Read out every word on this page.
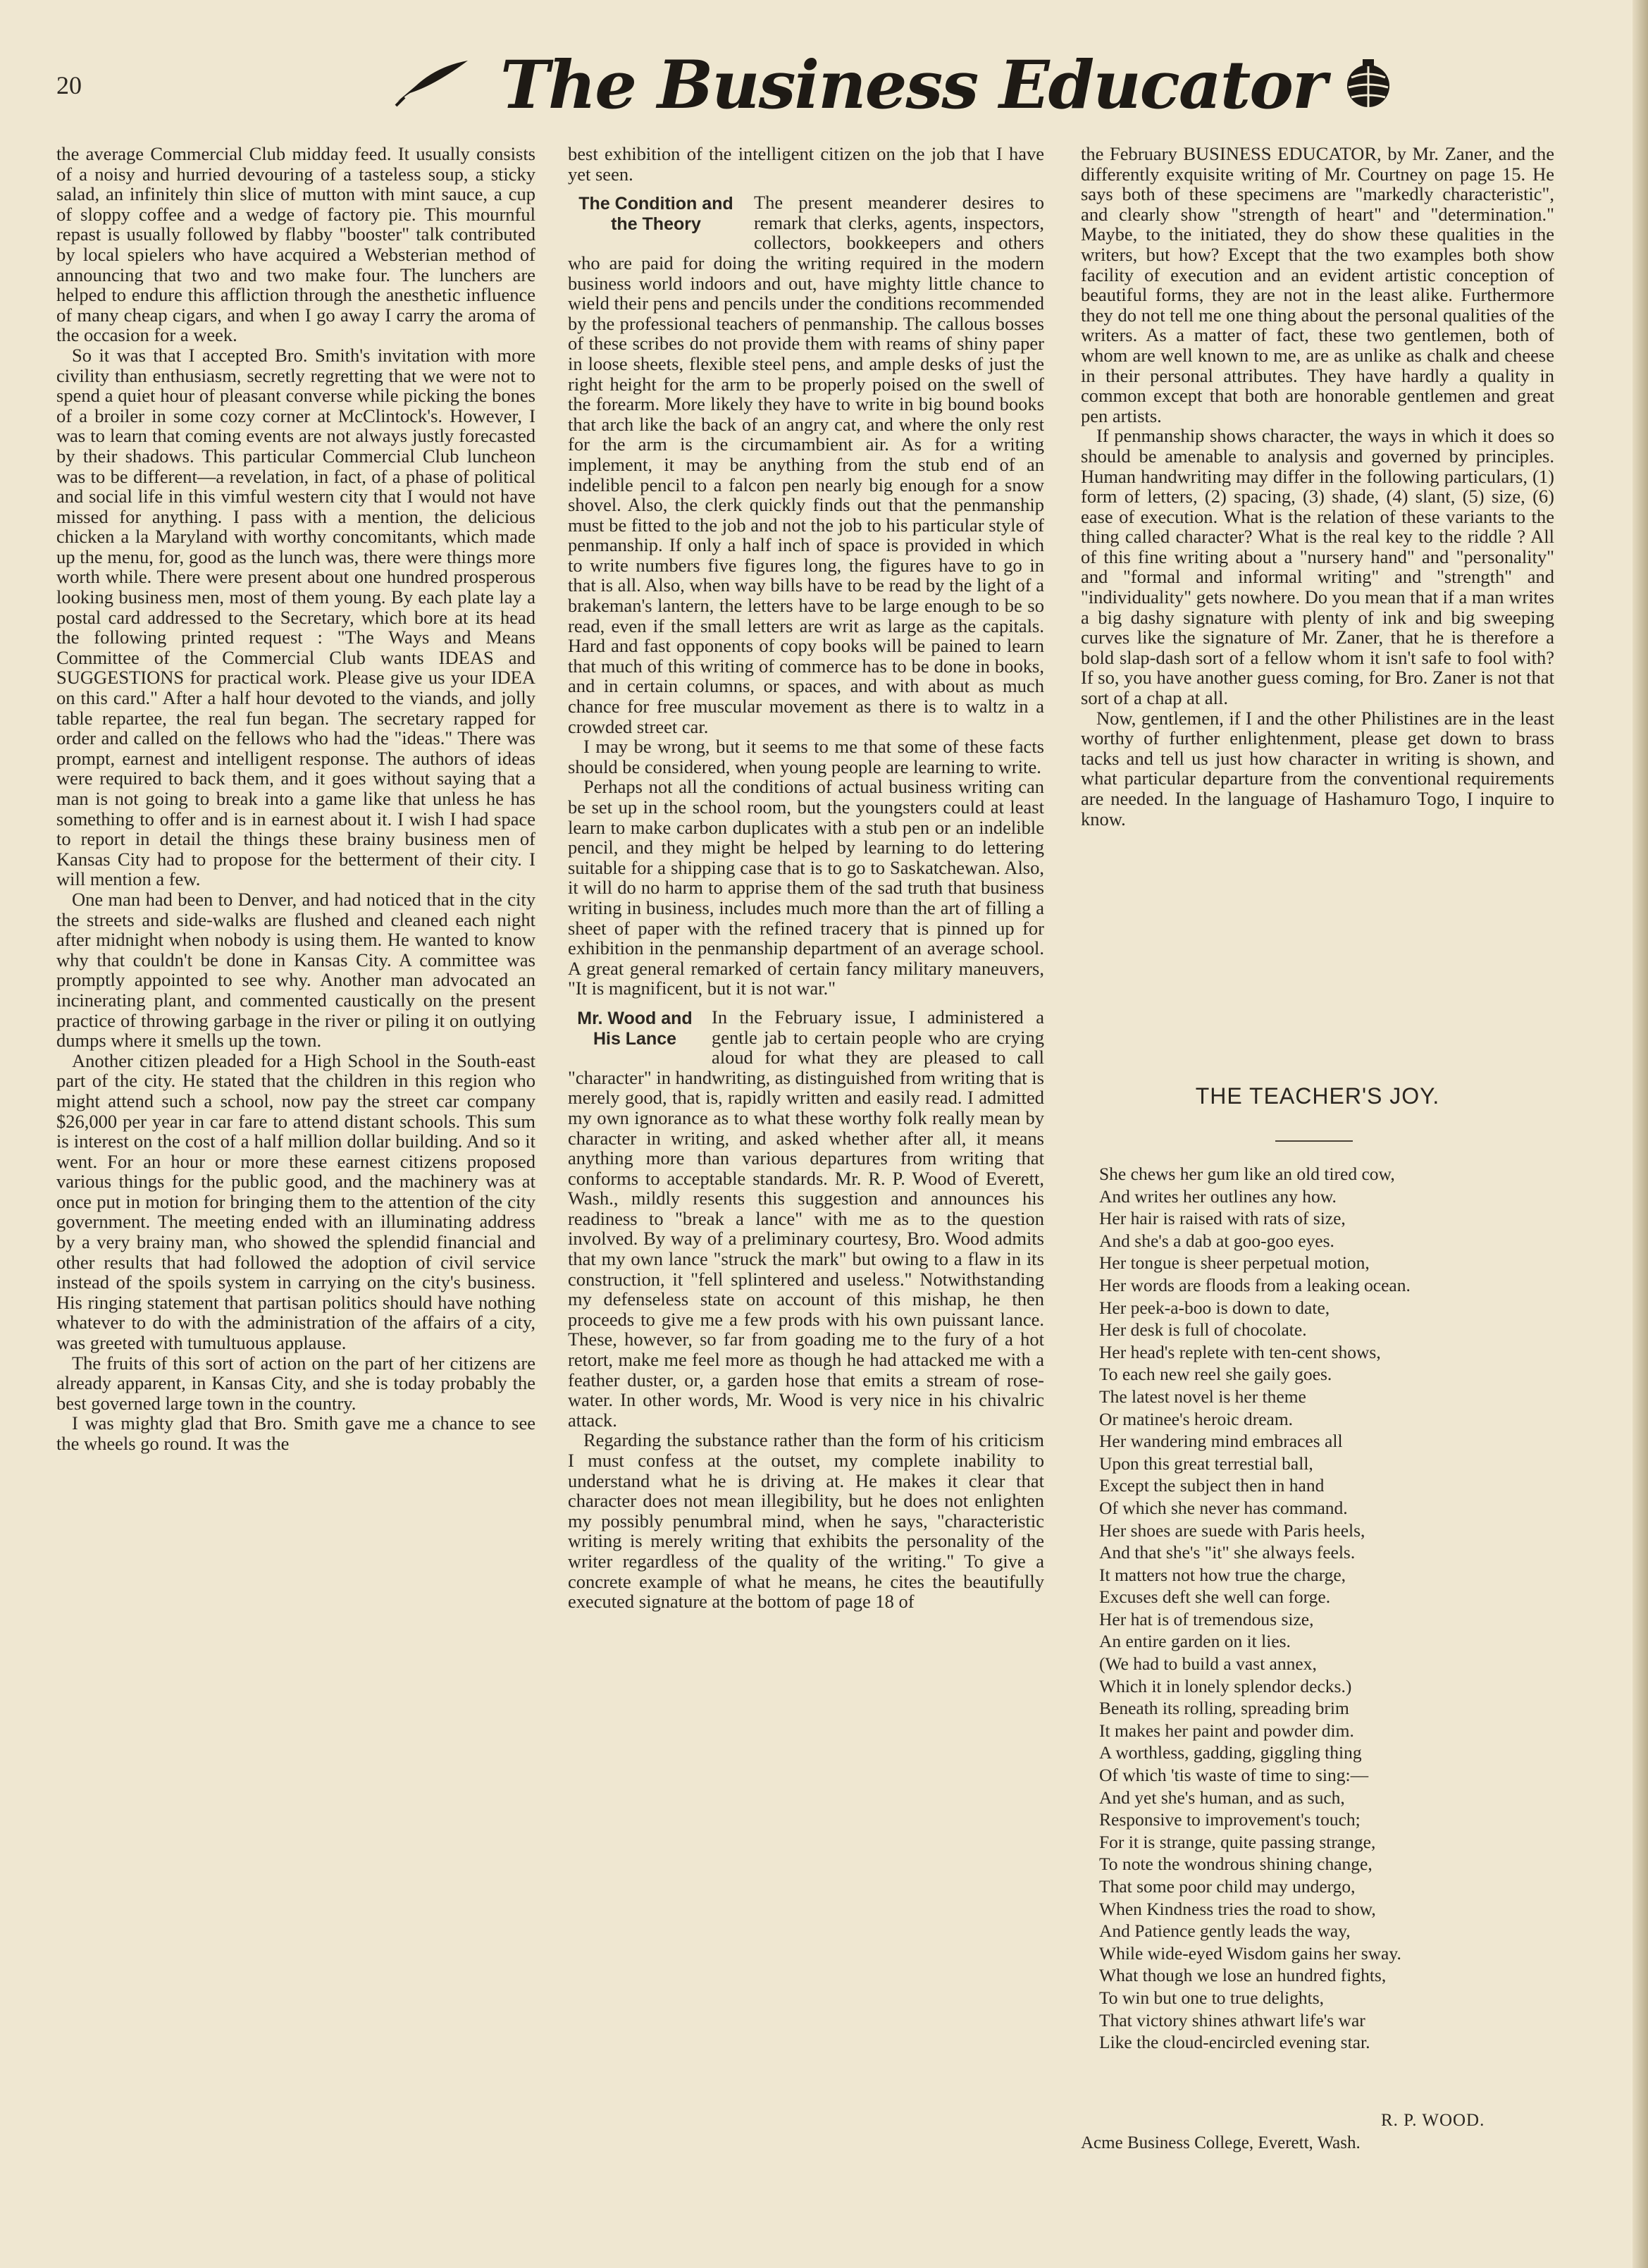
20	The Business Educator

the average Commercial Club midday feed. It usually consists of a noisy and hurried devouring of a tasteless soup, a sticky salad, an infinitely thin slice of mutton with mint sauce, a cup of sloppy coffee and a wedge of factory pie. This mournful repast is usually followed by flabby "booster" talk contributed by local spielers who have acquired a Websterian method of announcing that two and two make four. The lunchers are helped to endure this affliction through the anesthetic influence of many cheap cigars, and when I go away I carry the aroma of the occasion for a week.

So it was that I accepted Bro. Smith's invitation with more civility than enthusiasm, secretly regretting that we were not to spend a quiet hour of pleasant converse while picking the bones of a broiler in some cozy corner at McClintock's. However, I was to learn that coming events are not always justly forecasted by their shadows. This particular Commercial Club luncheon was to be different—a revelation, in fact, of a phase of political and social life in this vimful western city that I would not have missed for anything. I pass with a mention, the delicious chicken a la Maryland with worthy concomitants, which made up the menu, for, good as the lunch was, there were things more worth while. There were present about one hundred prosperous looking business men, most of them young. By each plate lay a postal card addressed to the Secretary, which bore at its head the following printed request : "The Ways and Means Committee of the Commercial Club wants IDEAS and SUGGESTIONS for practical work. Please give us your IDEA on this card." After a half hour devoted to the viands, and jolly table repartee, the real fun began. The secretary rapped for order and called on the fellows who had the "ideas." There was prompt, earnest and intelligent response. The authors of ideas were required to back them, and it goes without saying that a man is not going to break into a game like that unless he has something to offer and is in earnest about it. I wish I had space to report in detail the things these brainy business men of Kansas City had to propose for the betterment of their city. I will mention a few.

One man had been to Denver, and had noticed that in the city the streets and side-walks are flushed and cleaned each night after midnight when nobody is using them. He wanted to know why that couldn't be done in Kansas City. A committee was promptly appointed to see why. Another man advocated an incinerating plant, and commented caustically on the present practice of throwing garbage in the river or piling it on outlying dumps where it smells up the town.

Another citizen pleaded for a High School in the South-east part of the city. He stated that the children in this region who might attend such a school, now pay the street car company $26,000 per year in car fare to attend distant schools. This sum is interest on the cost of a half million dollar building. And so it went. For an hour or more these earnest citizens proposed various things for the public good, and the machinery was at once put in motion for bringing them to the attention of the city government. The meeting ended with an illuminating address by a very brainy man, who showed the splendid financial and other results that had followed the adoption of civil service instead of the spoils system in carrying on the city's business. His ringing statement that partisan politics should have nothing whatever to do with the administration of the affairs of a city, was greeted with tumultuous applause.

The fruits of this sort of action on the part of her citizens are already apparent, in Kansas City, and she is today probably the best governed large town in the country.

I was mighty glad that Bro. Smith gave me a chance to see the wheels go round. It was the

best exhibition of the intelligent citizen on the job that I have yet seen.

The Condition and the Theory

The present meanderer desires to remark that clerks, agents, inspectors, collectors, bookkeepers and others who are paid for doing the writing required in the modern business world indoors and out, have mighty little chance to wield their pens and pencils under the conditions recommended by the professional teachers of penmanship. The callous bosses of these scribes do not provide them with reams of shiny paper in loose sheets, flexible steel pens, and ample desks of just the right height for the arm to be properly poised on the swell of the forearm. More likely they have to write in big bound books that arch like the back of an angry cat, and where the only rest for the arm is the circumambient air. As for a writing implement, it may be anything from the stub end of an indelible pencil to a falcon pen nearly big enough for a snow shovel. Also, the clerk quickly finds out that the penmanship must be fitted to the job and not the job to his particular style of penmanship. If only a half inch of space is provided in which to write numbers five figures long, the figures have to go in that is all. Also, when way bills have to be read by the light of a brakeman's lantern, the letters have to be large enough to be so read, even if the small letters are writ as large as the capitals. Hard and fast opponents of copy books will be pained to learn that much of this writing of commerce has to be done in books, and in certain columns, or spaces, and with about as much chance for free muscular movement as there is to waltz in a crowded street car.

I may be wrong, but it seems to me that some of these facts should be considered, when young people are learning to write.

Perhaps not all the conditions of actual business writing can be set up in the school room, but the youngsters could at least learn to make carbon duplicates with a stub pen or an indelible pencil, and they might be helped by learning to do lettering suitable for a shipping case that is to go to Saskatchewan. Also, it will do no harm to apprise them of the sad truth that business writing in business, includes much more than the art of filling a sheet of paper with the refined tracery that is pinned up for exhibition in the penmanship department of an average school. A great general remarked of certain fancy military maneuvers, "It is magnificent, but it is not war."

Mr. Wood and His Lance

In the February issue, I administered a gentle jab to certain people who are crying aloud for what they are pleased to call "character" in handwriting, as distinguished from writing that is merely good, that is, rapidly written and easily read. I admitted my own ignorance as to what these worthy folk really mean by character in writing, and asked whether after all, it means anything more than various departures from writing that conforms to acceptable standards. Mr. R. P. Wood of Everett, Wash., mildly resents this suggestion and announces his readiness to "break a lance" with me as to the question involved. By way of a preliminary courtesy, Bro. Wood admits that my own lance "struck the mark" but owing to a flaw in its construction, it "fell splintered and useless." Notwithstanding my defenseless state on account of this mishap, he then proceeds to give me a few prods with his own puissant lance. These, however, so far from goading me to the fury of a hot retort, make me feel more as though he had attacked me with a feather duster, or, a garden hose that emits a stream of rose-water. In other words, Mr. Wood is very nice in his chivalric attack.

Regarding the substance rather than the form of his criticism I must confess at the outset, my complete inability to understand what he is driving at. He makes it clear that character does not mean illegibility, but he does not enlighten my possibly penumbral mind, when he says, "characteristic writing is merely writing that exhibits the personality of the writer regardless of the quality of the writing." To give a concrete example of what he means, he cites the beautifully executed signature at the bottom of page 18 of

the February BUSINESS EDUCATOR, by Mr. Zaner, and the differently exquisite writing of Mr. Courtney on page 15. He says both of these specimens are "markedly characteristic", and clearly show "strength of heart" and "determination." Maybe, to the initiated, they do show these qualities in the writers, but how? Except that the two examples both show facility of execution and an evident artistic conception of beautiful forms, they are not in the least alike. Furthermore they do not tell me one thing about the personal qualities of the writers. As a matter of fact, these two gentlemen, both of whom are well known to me, are as unlike as chalk and cheese in their personal attributes. They have hardly a quality in common except that both are honorable gentlemen and great pen artists.

If penmanship shows character, the ways in which it does so should be amenable to analysis and governed by principles. Human handwriting may differ in the following particulars, (1) form of letters, (2) spacing, (3) shade, (4) slant, (5) size, (6) ease of execution. What is the relation of these variants to the thing called character? What is the real key to the riddle ? All of this fine writing about a "nursery hand" and "personality" and "formal and informal writing" and "strength" and "individuality" gets nowhere. Do you mean that if a man writes a big dashy signature with plenty of ink and big sweeping curves like the signature of Mr. Zaner, that he is therefore a bold slap-dash sort of a fellow whom it isn't safe to fool with? If so, you have another guess coming, for Bro. Zaner is not that sort of a chap at all.

Now, gentlemen, if I and the other Philistines are in the least worthy of further enlightenment, please get down to brass tacks and tell us just how character in writing is shown, and what particular departure from the conventional requirements are needed. In the language of Hashamuro Togo, I inquire to know.

THE TEACHER'S JOY.
She chews her gum like an old tired cow,
And writes her outlines any how.
Her hair is raised with rats of size,
And she's a dab at goo-goo eyes.
Her tongue is sheer perpetual motion,
Her words are floods from a leaking ocean.
Her peek-a-boo is down to date,
Her desk is full of chocolate.
Her head's replete with ten-cent shows,
To each new reel she gaily goes.
The latest novel is her theme
Or matinee's heroic dream.
Her wandering mind embraces all
Upon this great terrestial ball,
Except the subject then in hand
Of which she never has command.
Her shoes are suede with Paris heels,
And that she's "it" she always feels.
It matters not how true the charge,
Excuses deft she well can forge.
Her hat is of tremendous size,
An entire garden on it lies.
(We had to build a vast annex,
Which it in lonely splendor decks.)
Beneath its rolling, spreading brim
It makes her paint and powder dim.
A worthless, gadding, giggling thing
Of which 'tis waste of time to sing:—
And yet she's human, and as such,
Responsive to improvement's touch;
For it is strange, quite passing strange,
To note the wondrous shining change,
That some poor child may undergo,
When Kindness tries the road to show,
And Patience gently leads the way,
While wide-eyed Wisdom gains her sway.
What though we lose an hundred fights,
To win but one to true delights,
That victory shines athwart life's war
Like the cloud-encircled evening star.
R. P. WOOD.
Acme Business College, Everett, Wash.
